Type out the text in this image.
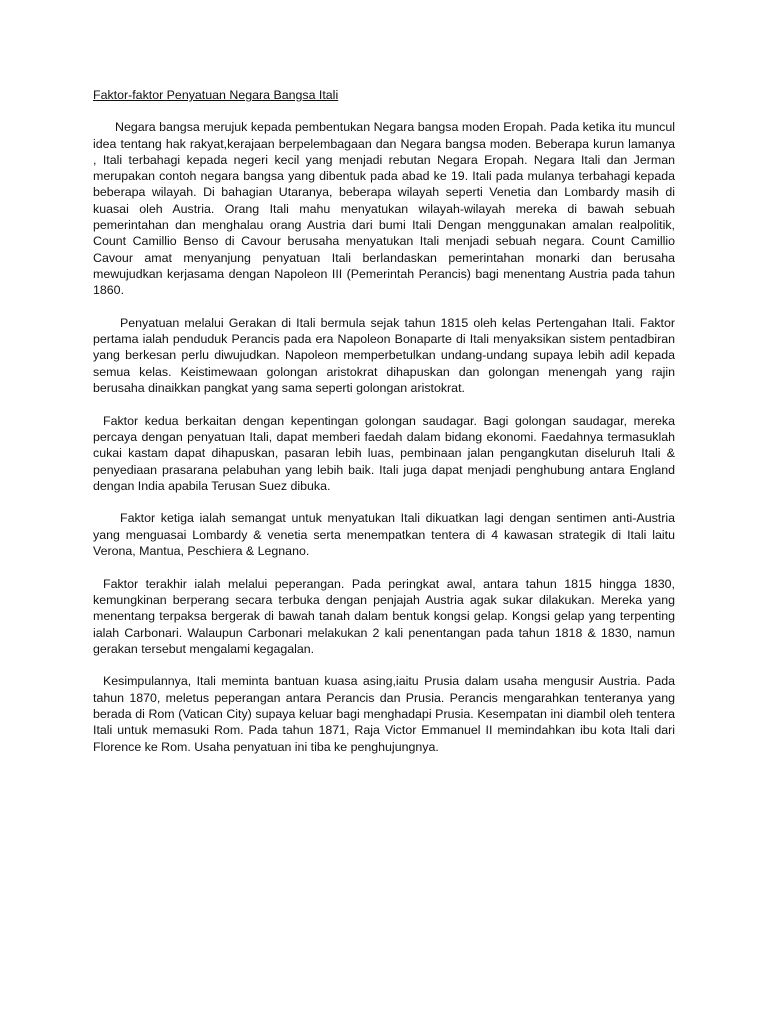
Faktor-faktor Penyatuan Negara Bangsa Itali

Negara bangsa merujuk kepada pembentukan Negara bangsa moden Eropah. Pada ketika itu muncul idea tentang hak rakyat,kerajaan berpelembagaan dan Negara bangsa moden. Beberapa kurun lamanya , Itali terbahagi kepada negeri kecil yang menjadi rebutan Negara Eropah. Negara Itali dan Jerman merupakan contoh negara bangsa yang dibentuk pada abad ke 19. Itali pada mulanya terbahagi kepada beberapa wilayah. Di bahagian Utaranya, beberapa wilayah seperti Venetia dan Lombardy masih di kuasai oleh Austria. Orang Itali mahu menyatukan wilayah-wilayah mereka di bawah sebuah pemerintahan dan menghalau orang Austria dari bumi Itali Dengan menggunakan amalan realpolitik, Count Camillio Benso di Cavour berusaha menyatukan Itali menjadi sebuah negara. Count Camillio Cavour amat menyanjung penyatuan Itali berlandaskan pemerintahan monarki dan berusaha mewujudkan kerjasama dengan Napoleon III (Pemerintah Perancis) bagi menentang Austria pada tahun 1860.

Penyatuan melalui Gerakan di Itali bermula sejak tahun 1815 oleh kelas Pertengahan Itali. Faktor pertama ialah penduduk Perancis pada era Napoleon Bonaparte di Itali menyaksikan sistem pentadbiran yang berkesan perlu diwujudkan. Napoleon memperbetulkan undang-undang supaya lebih adil kepada semua kelas. Keistimewaan golongan aristokrat dihapuskan dan golongan menengah yang rajin berusaha dinaikkan pangkat yang sama seperti golongan aristokrat.

Faktor kedua berkaitan dengan kepentingan golongan saudagar. Bagi golongan saudagar, mereka percaya dengan penyatuan Itali, dapat memberi faedah dalam bidang ekonomi. Faedahnya termasuklah cukai kastam dapat dihapuskan, pasaran lebih luas, pembinaan jalan pengangkutan diseluruh Itali & penyediaan prasarana pelabuhan yang lebih baik. Itali juga dapat menjadi penghubung antara England dengan India apabila Terusan Suez dibuka.

Faktor ketiga ialah semangat untuk menyatukan Itali dikuatkan lagi dengan sentimen anti-Austria yang menguasai Lombardy & venetia serta menempatkan tentera di 4 kawasan strategik di Itali laitu Verona, Mantua, Peschiera & Legnano.

Faktor terakhir ialah melalui peperangan. Pada peringkat awal, antara tahun 1815 hingga 1830, kemungkinan berperang secara terbuka dengan penjajah Austria agak sukar dilakukan. Mereka yang menentang terpaksa bergerak di bawah tanah dalam bentuk kongsi gelap. Kongsi gelap yang terpenting ialah Carbonari. Walaupun Carbonari melakukan 2 kali penentangan pada tahun 1818 & 1830, namun gerakan tersebut mengalami kegagalan.

Kesimpulannya, Itali meminta bantuan kuasa asing,iaitu Prusia dalam usaha mengusir Austria. Pada tahun 1870, meletus peperangan antara Perancis dan Prusia. Perancis mengarahkan tenteranya yang berada di Rom (Vatican City) supaya keluar bagi menghadapi Prusia. Kesempatan ini diambil oleh tentera Itali untuk memasuki Rom. Pada tahun 1871, Raja Victor Emmanuel II memindahkan ibu kota Itali dari Florence ke Rom. Usaha penyatuan ini tiba ke penghujungnya.
